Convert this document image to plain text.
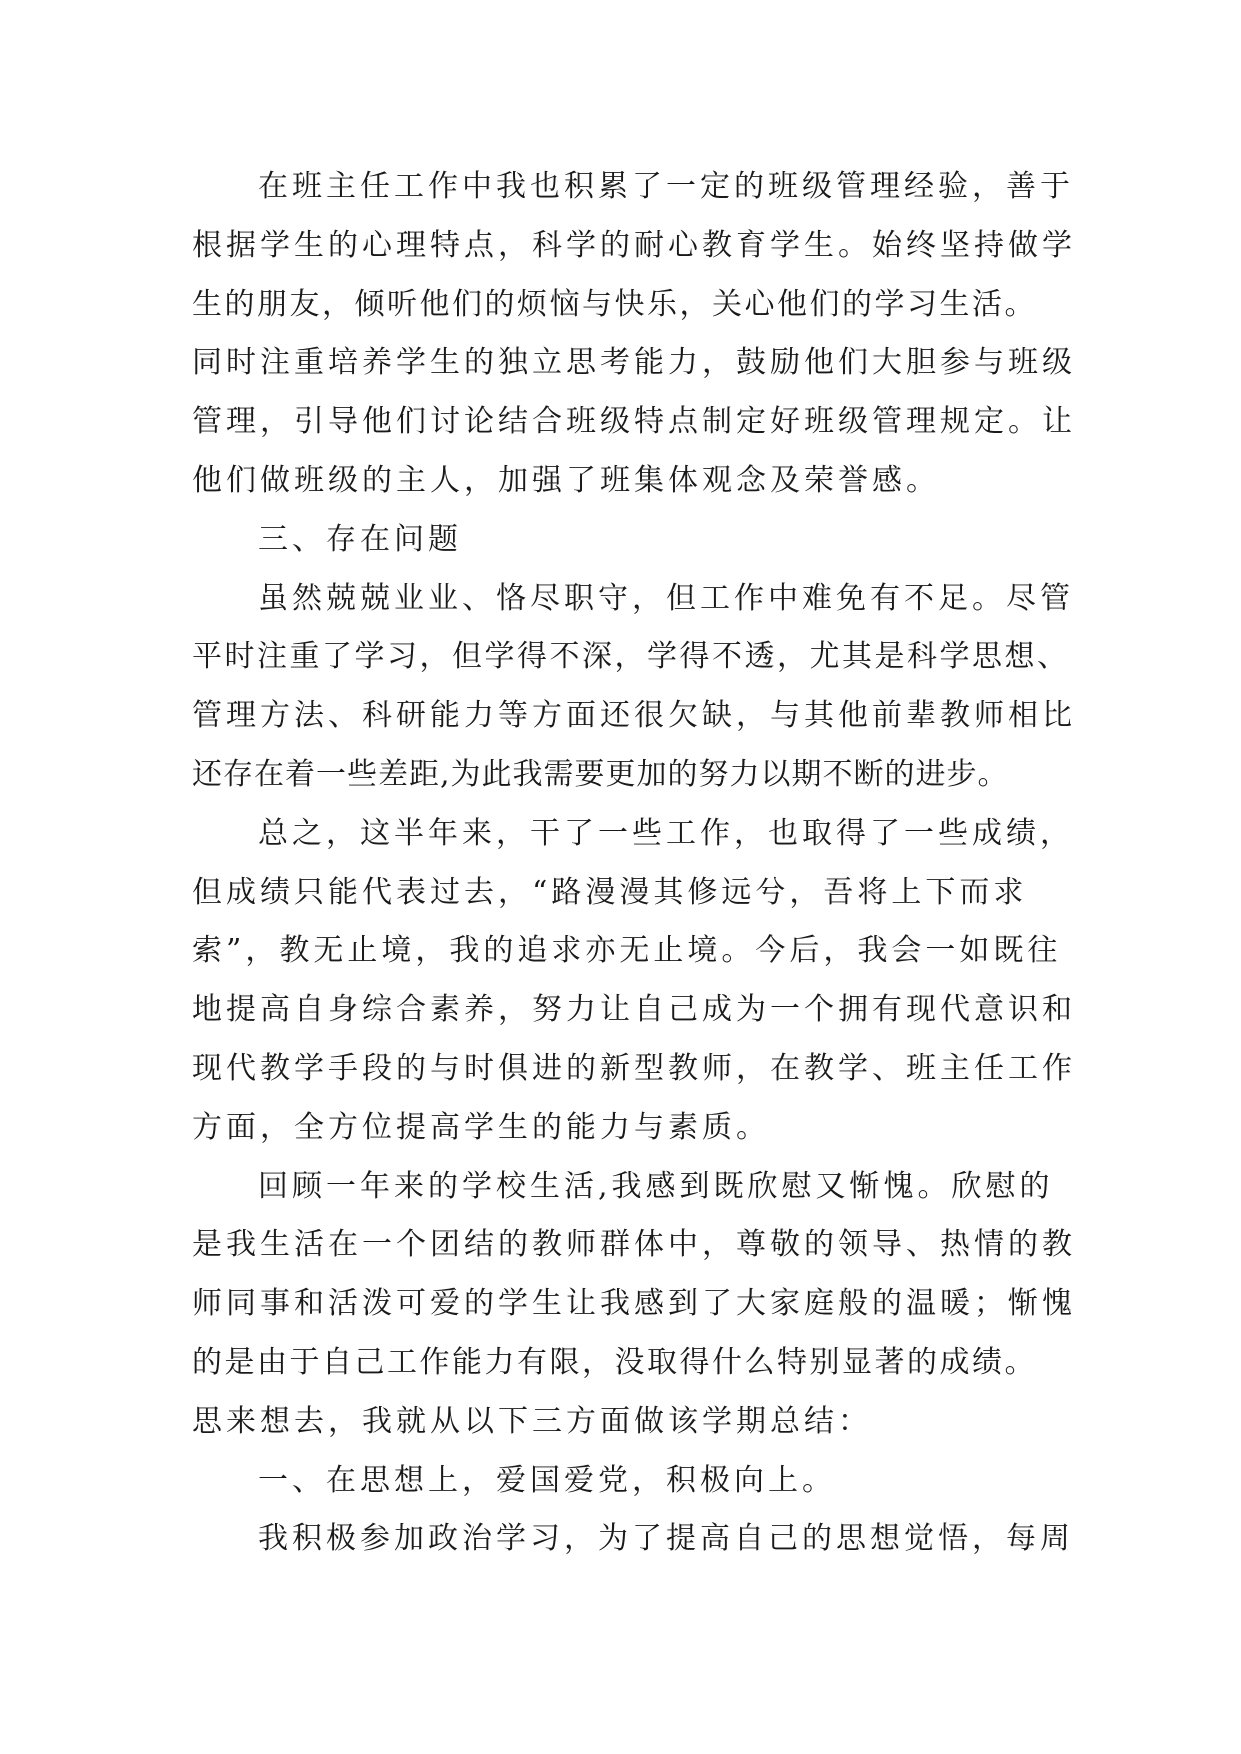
在班主任工作中我也积累了一定的班级管理经验，善于
根据学生的心理特点，科学的耐心教育学生。始终坚持做学
生的朋友，倾听他们的烦恼与快乐，关心他们的学习生活。
同时注重培养学生的独立思考能力，鼓励他们大胆参与班级
管理，引导他们讨论结合班级特点制定好班级管理规定。让
他们做班级的主人，加强了班集体观念及荣誉感。
三、存在问题
虽然兢兢业业、恪尽职守，但工作中难免有不足。尽管
平时注重了学习，但学得不深，学得不透，尤其是科学思想、
管理方法、科研能力等方面还很欠缺，与其他前辈教师相比
还存在着一些差距,为此我需要更加的努力以期不断的进步。
总之，这半年来，干了一些工作，也取得了一些成绩，
但成绩只能代表过去，“路漫漫其修远兮，吾将上下而求
索”，教无止境，我的追求亦无止境。今后，我会一如既往
地提高自身综合素养，努力让自己成为一个拥有现代意识和
现代教学手段的与时俱进的新型教师，在教学、班主任工作
方面，全方位提高学生的能力与素质。
回顾一年来的学校生活,我感到既欣慰又惭愧。欣慰的
是我生活在一个团结的教师群体中，尊敬的领导、热情的教
师同事和活泼可爱的学生让我感到了大家庭般的温暖；惭愧
的是由于自己工作能力有限，没取得什么特别显著的成绩。
思来想去，我就从以下三方面做该学期总结：
一、在思想上，爱国爱党，积极向上。
我积极参加政治学习，为了提高自己的思想觉悟，每周
